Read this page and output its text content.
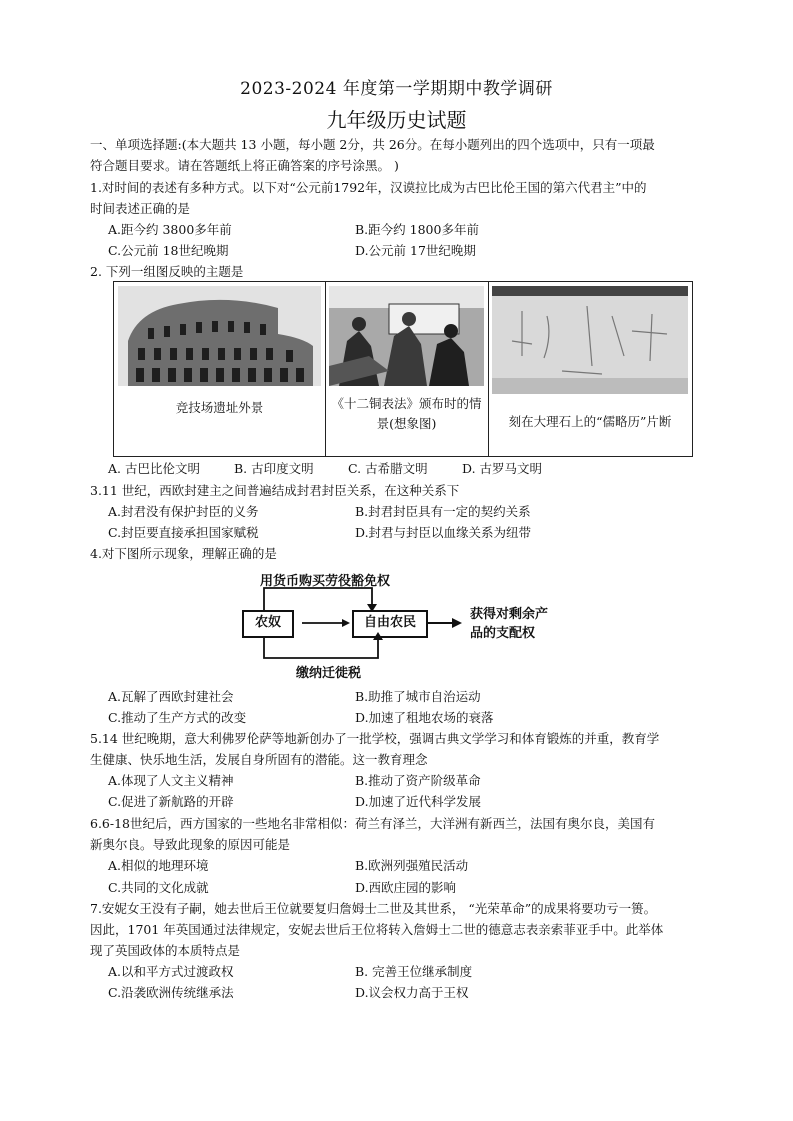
2023-2024 年度第一学期期中教学调研
九年级历史试题
一、单项选择题:(本大题共 13 小题，每小题 2分，共 26分。在每小题列出的四个选项中，只有一项最
符合题目要求。请在答题纸上将正确答案的序号涂黑。 )
1.对时间的表述有多种方式。以下对“公元前1792年，汉谟拉比成为古巴比伦王国的第六代君主”中的
时间表述正确的是
A.距今约 3800多年前	B.距今约 1800多年前
C.公元前 18世纪晚期	D.公元前 17世纪晚期
2. 下列一组图反映的主题是
竞技场遗址外景	《十二铜表法》颁布时的情景(想象图)	刻在大理石上的“儒略历”片断
A. 古巴比伦文明	B. 古印度文明	C. 古希腊文明	D. 古罗马文明
3.11 世纪，西欧封建主之间普遍结成封君封臣关系，在这种关系下
A.封君没有保护封臣的义务	B.封君封臣具有一定的契约关系
C.封臣要直接承担国家赋税	D.封君与封臣以血缘关系为纽带
4.对下图所示现象，理解正确的是
用货币购买劳役豁免权
农奴	自由农民
获得对剩余产
品的支配权
缴纳迁徙税
A.瓦解了西欧封建社会	B.助推了城市自治运动
C.推动了生产方式的改变	D.加速了租地农场的衰落
5.14 世纪晚期，意大利佛罗伦萨等地新创办了一批学校，强调古典文学学习和体育锻炼的并重，教育学
生健康、快乐地生活，发展自身所固有的潜能。这一教育理念
A.体现了人文主义精神	B.推动了资产阶级革命
C.促进了新航路的开辟	D.加速了近代科学发展
6.6-18世纪后，西方国家的一些地名非常相似：荷兰有泽兰，大洋洲有新西兰，法国有奥尔良，美国有
新奥尔良。导致此现象的原因可能是
A.相似的地理环境	B.欧洲列强殖民活动
C.共同的文化成就	D.西欧庄园的影响
7.安妮女王没有子嗣，她去世后王位就要复归詹姆士二世及其世系， “光荣革命”的成果将要功亏一篑。
因此，1701 年英国通过法律规定，安妮去世后王位将转入詹姆士二世的德意志表亲索菲亚手中。此举体
现了英国政体的本质特点是
A.以和平方式过渡政权	B. 完善王位继承制度
C.沿袭欧洲传统继承法	D.议会权力高于王权
